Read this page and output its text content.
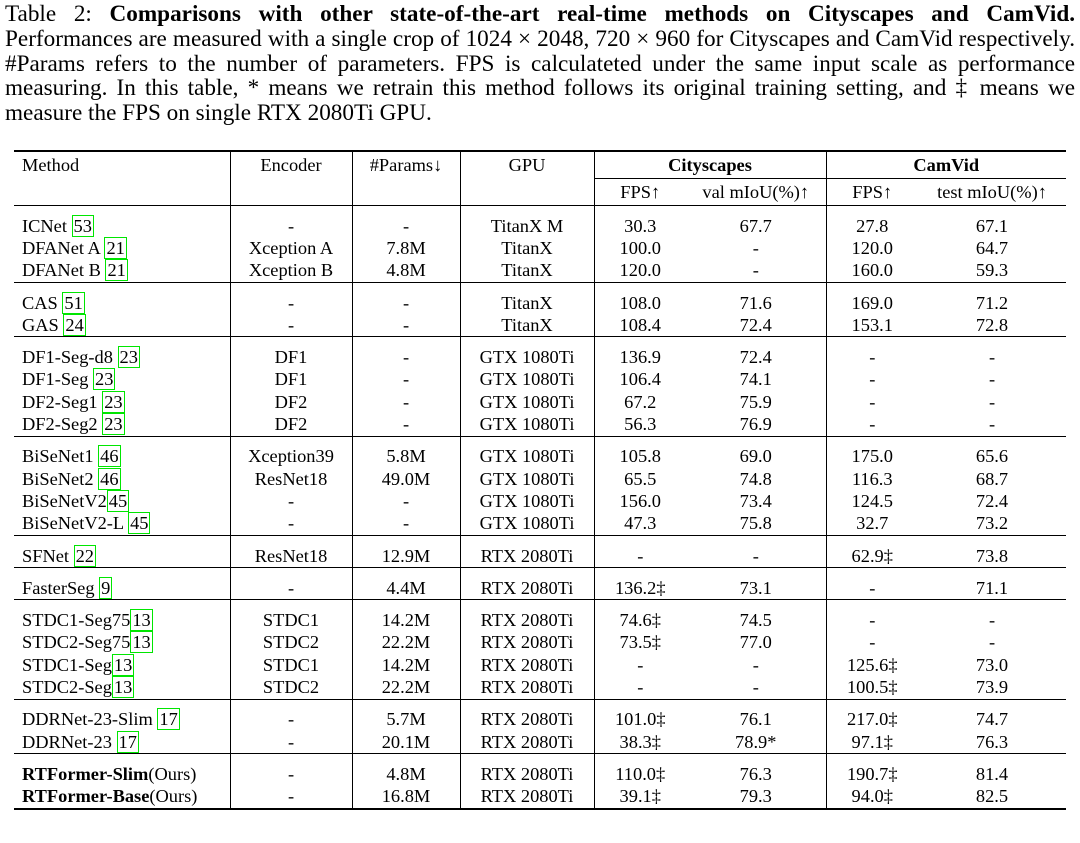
Table 2: Comparisons with other state-of-the-art real-time methods on Cityscapes and CamVid. Performances are measured with a single crop of 1024 × 2048, 720 × 960 for Cityscapes and CamVid respectively. #Params refers to the number of parameters. FPS is calculateted under the same input scale as performance measuring. In this table, * means we retrain this method follows its original training setting, and ‡ means we measure the FPS on single RTX 2080Ti GPU.
Method	Encoder	#Params↓	GPU	Cityscapes		CamVid	
				FPS↑	val mIoU(%)↑	FPS↑	test mIoU(%)↑

ICNet 53	-	-	TitanX M	30.3	67.7	27.8	67.1
DFANet A 21	Xception A	7.8M	TitanX	100.0	-	120.0	64.7
DFANet B 21	Xception B	4.8M	TitanX	120.0	-	160.0	59.3

CAS 51	-	-	TitanX	108.0	71.6	169.0	71.2
GAS 24	-	-	TitanX	108.4	72.4	153.1	72.8

DF1-Seg-d8 23	DF1	-	GTX 1080Ti	136.9	72.4	-	-
DF1-Seg 23	DF1	-	GTX 1080Ti	106.4	74.1	-	-
DF2-Seg1 23	DF2	-	GTX 1080Ti	67.2	75.9	-	-
DF2-Seg2 23	DF2	-	GTX 1080Ti	56.3	76.9	-	-

BiSeNet1 46	Xception39	5.8M	GTX 1080Ti	105.8	69.0	175.0	65.6
BiSeNet2 46	ResNet18	49.0M	GTX 1080Ti	65.5	74.8	116.3	68.7
BiSeNetV2 45	-	-	GTX 1080Ti	156.0	73.4	124.5	72.4
BiSeNetV2-L 45	-	-	GTX 1080Ti	47.3	75.8	32.7	73.2

SFNet 22	ResNet18	12.9M	RTX 2080Ti	-	-	62.9‡	73.8

FasterSeg 9	-	4.4M	RTX 2080Ti	136.2‡	73.1	-	71.1

STDC1-Seg75 13	STDC1	14.2M	RTX 2080Ti	74.6‡	74.5	-	-
STDC2-Seg75 13	STDC2	22.2M	RTX 2080Ti	73.5‡	77.0	-	-
STDC1-Seg 13	STDC1	14.2M	RTX 2080Ti	-	-	125.6‡	73.0
STDC2-Seg 13	STDC2	22.2M	RTX 2080Ti	-	-	100.5‡	73.9

DDRNet-23-Slim 17	-	5.7M	RTX 2080Ti	101.0‡	76.1	217.0‡	74.7
DDRNet-23 17	-	20.1M	RTX 2080Ti	38.3‡	78.9*	97.1‡	76.3

RTFormer-Slim(Ours)	-	4.8M	RTX 2080Ti	110.0‡	76.3	190.7‡	81.4
RTFormer-Base(Ours)	-	16.8M	RTX 2080Ti	39.1‡	79.3	94.0‡	82.5
